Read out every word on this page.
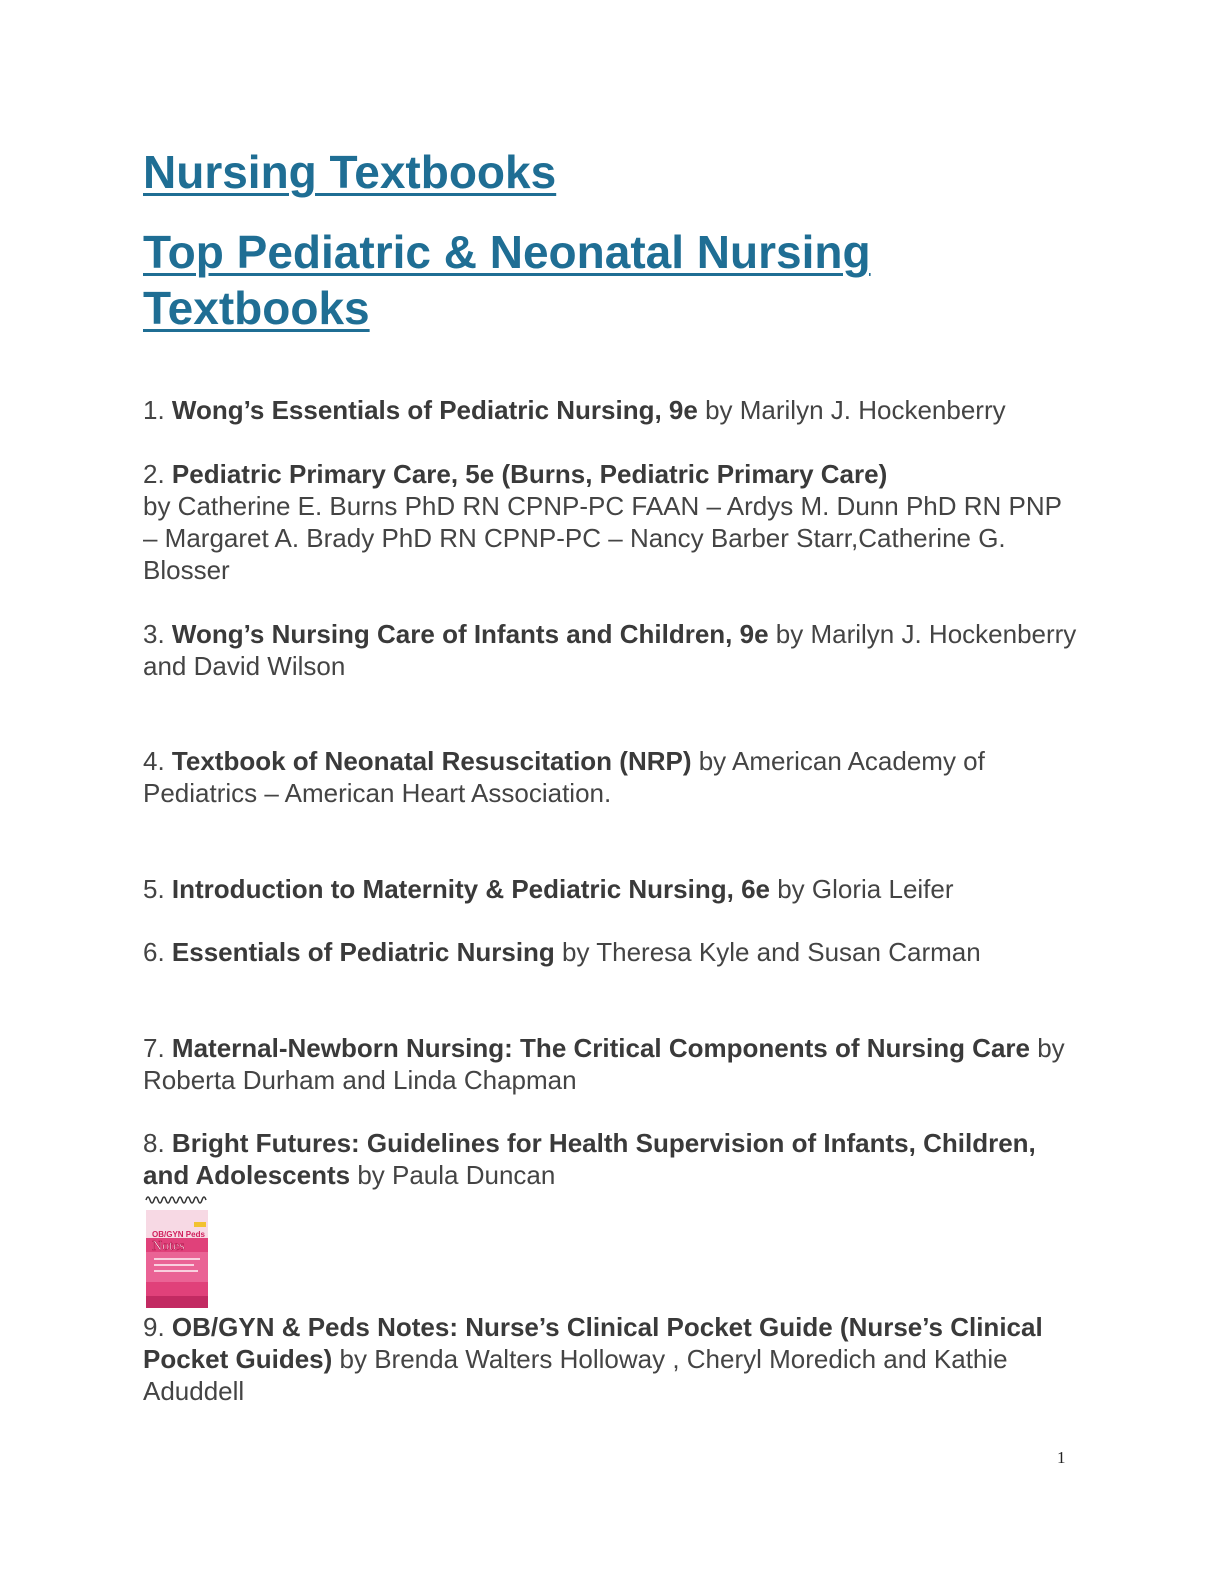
Nursing Textbooks
Top Pediatric & Neonatal Nursing Textbooks
1. Wong’s Essentials of Pediatric Nursing, 9e by Marilyn J. Hockenberry
2. Pediatric Primary Care, 5e (Burns, Pediatric Primary Care)
by Catherine E. Burns PhD RN CPNP-PC FAAN – Ardys M. Dunn PhD RN PNP – Margaret A. Brady PhD RN CPNP-PC – Nancy Barber Starr,Catherine G. Blosser
3. Wong’s Nursing Care of Infants and Children, 9e by Marilyn J. Hockenberry and David Wilson
4. Textbook of Neonatal Resuscitation (NRP) by American Academy of Pediatrics – American Heart Association.
5. Introduction to Maternity & Pediatric Nursing, 6e by Gloria Leifer
6. Essentials of Pediatric Nursing by Theresa Kyle and Susan Carman
7. Maternal-Newborn Nursing: The Critical Components of Nursing Care by Roberta Durham and Linda Chapman
8. Bright Futures: Guidelines for Health Supervision of Infants, Children, and Adolescents by Paula Duncan
OB/GYN Peds
Notes
9. OB/GYN & Peds Notes: Nurse’s Clinical Pocket Guide (Nurse’s Clinical Pocket Guides) by Brenda Walters Holloway , Cheryl Moredich and Kathie Aduddell
1
